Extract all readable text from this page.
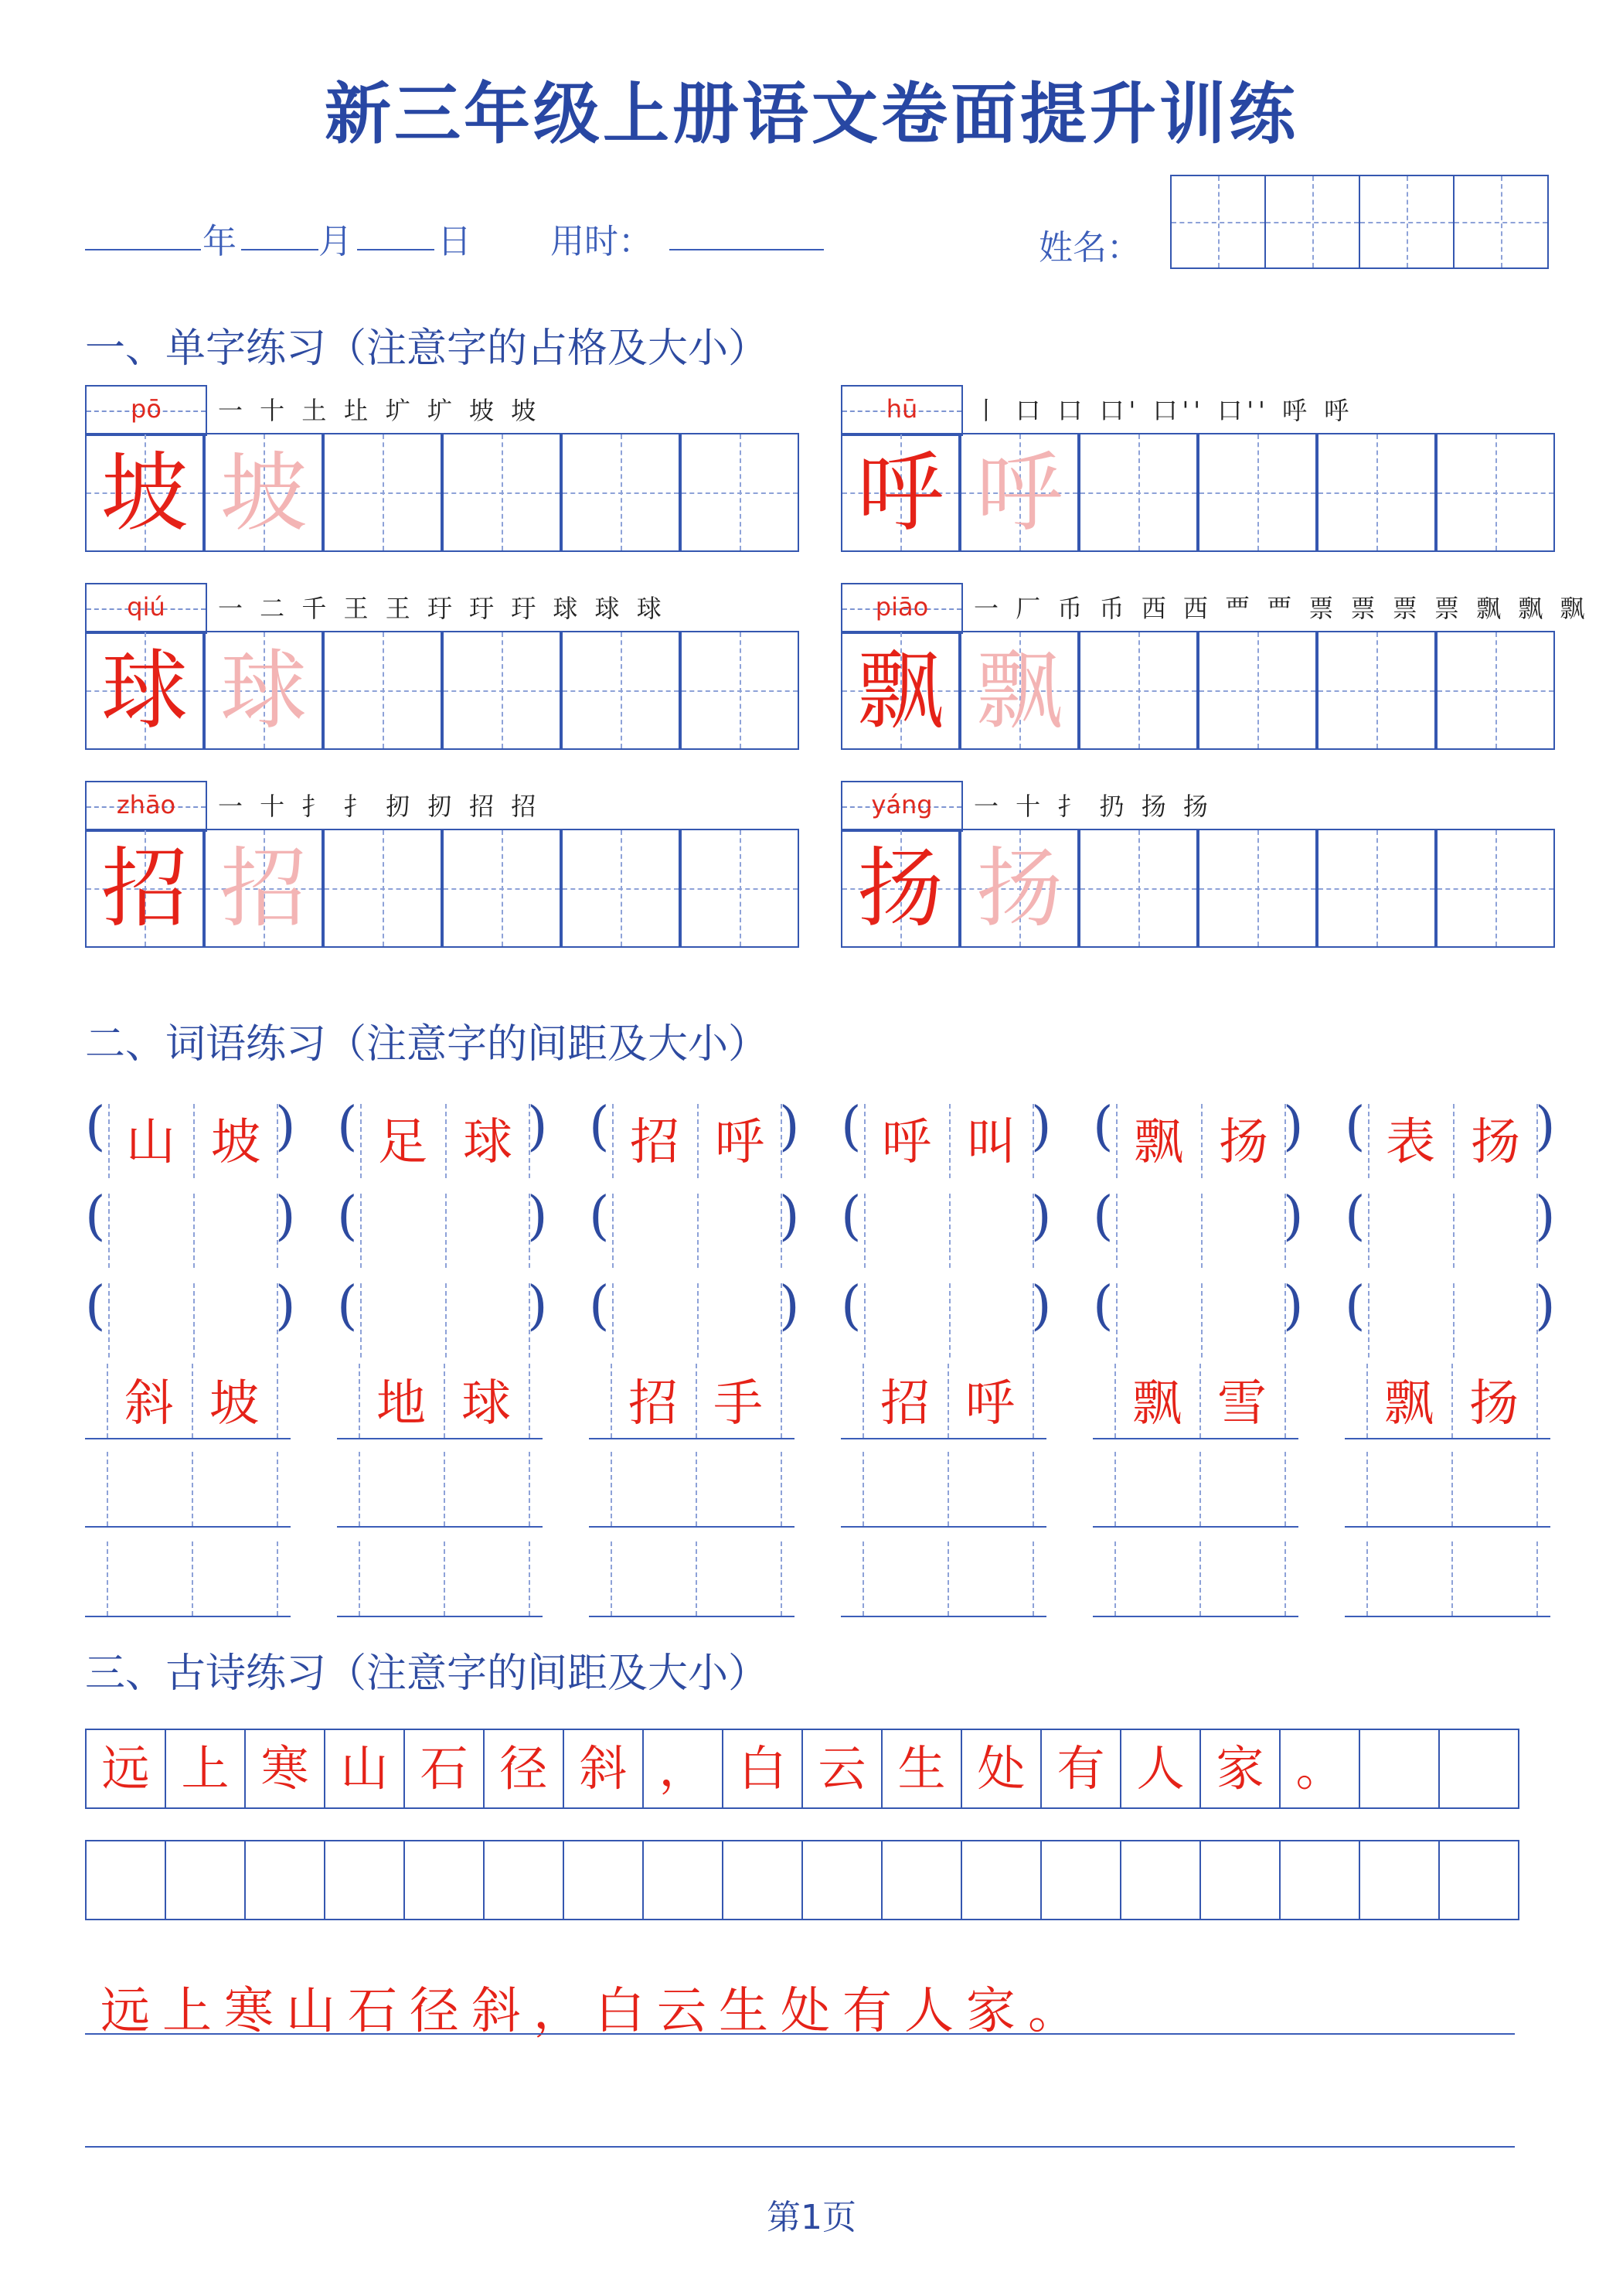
新三年级上册语文卷面提升训练
年 月	日 用时：	姓名：
一、单字练习（注意字的占格及大小）
pō	一 十 土 圵 圹 圹 坡 坡
坡 坡
hū	丨 口 口 口' 口'' 口'' 呼 呼
呼 呼
qiú	一 二 千 王 王 玗 玗 玗 球 球 球
球 球
piāo	一 厂 币 币 西 西 覀 覀 票 票 票 票 飘 飘 飘
飘 飘
zhāo	一 十 扌 扌 扨 扨 招 招
招 招
yáng	一 十 扌 扔 扬 扬
扬 扬
二、词语练习（注意字的间距及大小）
(	)
山 坡
(	)
(	)
斜 坡
(	)
足 球
(	)
(	)
地 球
(	)
招 呼
(	)
(	)
招 手
(	)
呼 叫
(	)
(	)
招 呼
(	)
飘 扬
(	)
(	)
飘 雪
(	)
表 扬
(	)
(	)
飘 扬
三、古诗练习（注意字的间距及大小）
远 上 寒 山 石 径 斜 ， 白 云 生 处 有 人 家 。
远上寒山石径斜，白云生处有人家。
第1页
